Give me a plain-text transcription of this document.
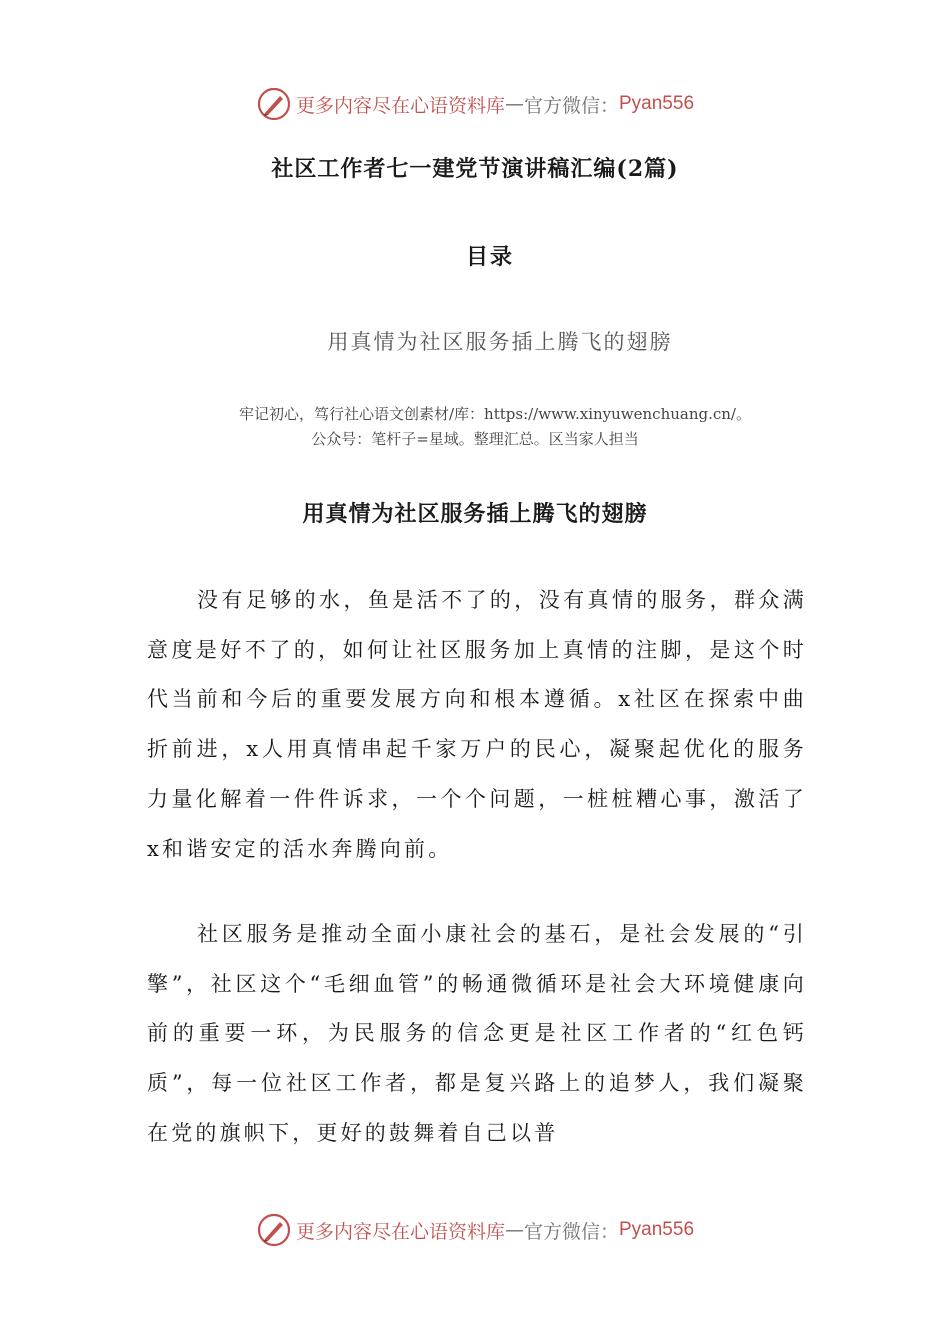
更多内容尽在心语资料库 — 官方微信： Pyan556
社区工作者七一建党节演讲稿汇编(2篇)
目录
用真情为社区服务插上腾飞的翅膀
牢记初心，笃行社心语文创素材/库：https://www.xinyuwenchuang.cn/。
公众号：笔杆子=星域。整理汇总。区当家人担当
用真情为社区服务插上腾飞的翅膀

没有足够的水，鱼是活不了的，没有真情的服务，群众满意度是好不了的，如何让社区服务加上真情的注脚，是这个时代当前和今后的重要发展方向和根本遵循。x社区在探索中曲折前进，x人用真情串起千家万户的民心，凝聚起优化的服务力量化解着一件件诉求，一个个问题，一桩桩糟心事，激活了x和谐安定的活水奔腾向前。

社区服务是推动全面小康社会的基石，是社会发展的“引擎”，社区这个“毛细血管”的畅通微循环是社会大环境健康向前的重要一环，为民服务的信念更是社区工作者的“红色钙质”，每一位社区工作者，都是复兴路上的追梦人，我们凝聚在党的旗帜下，更好的鼓舞着自己以普

更多内容尽在心语资料库 — 官方微信： Pyan556
